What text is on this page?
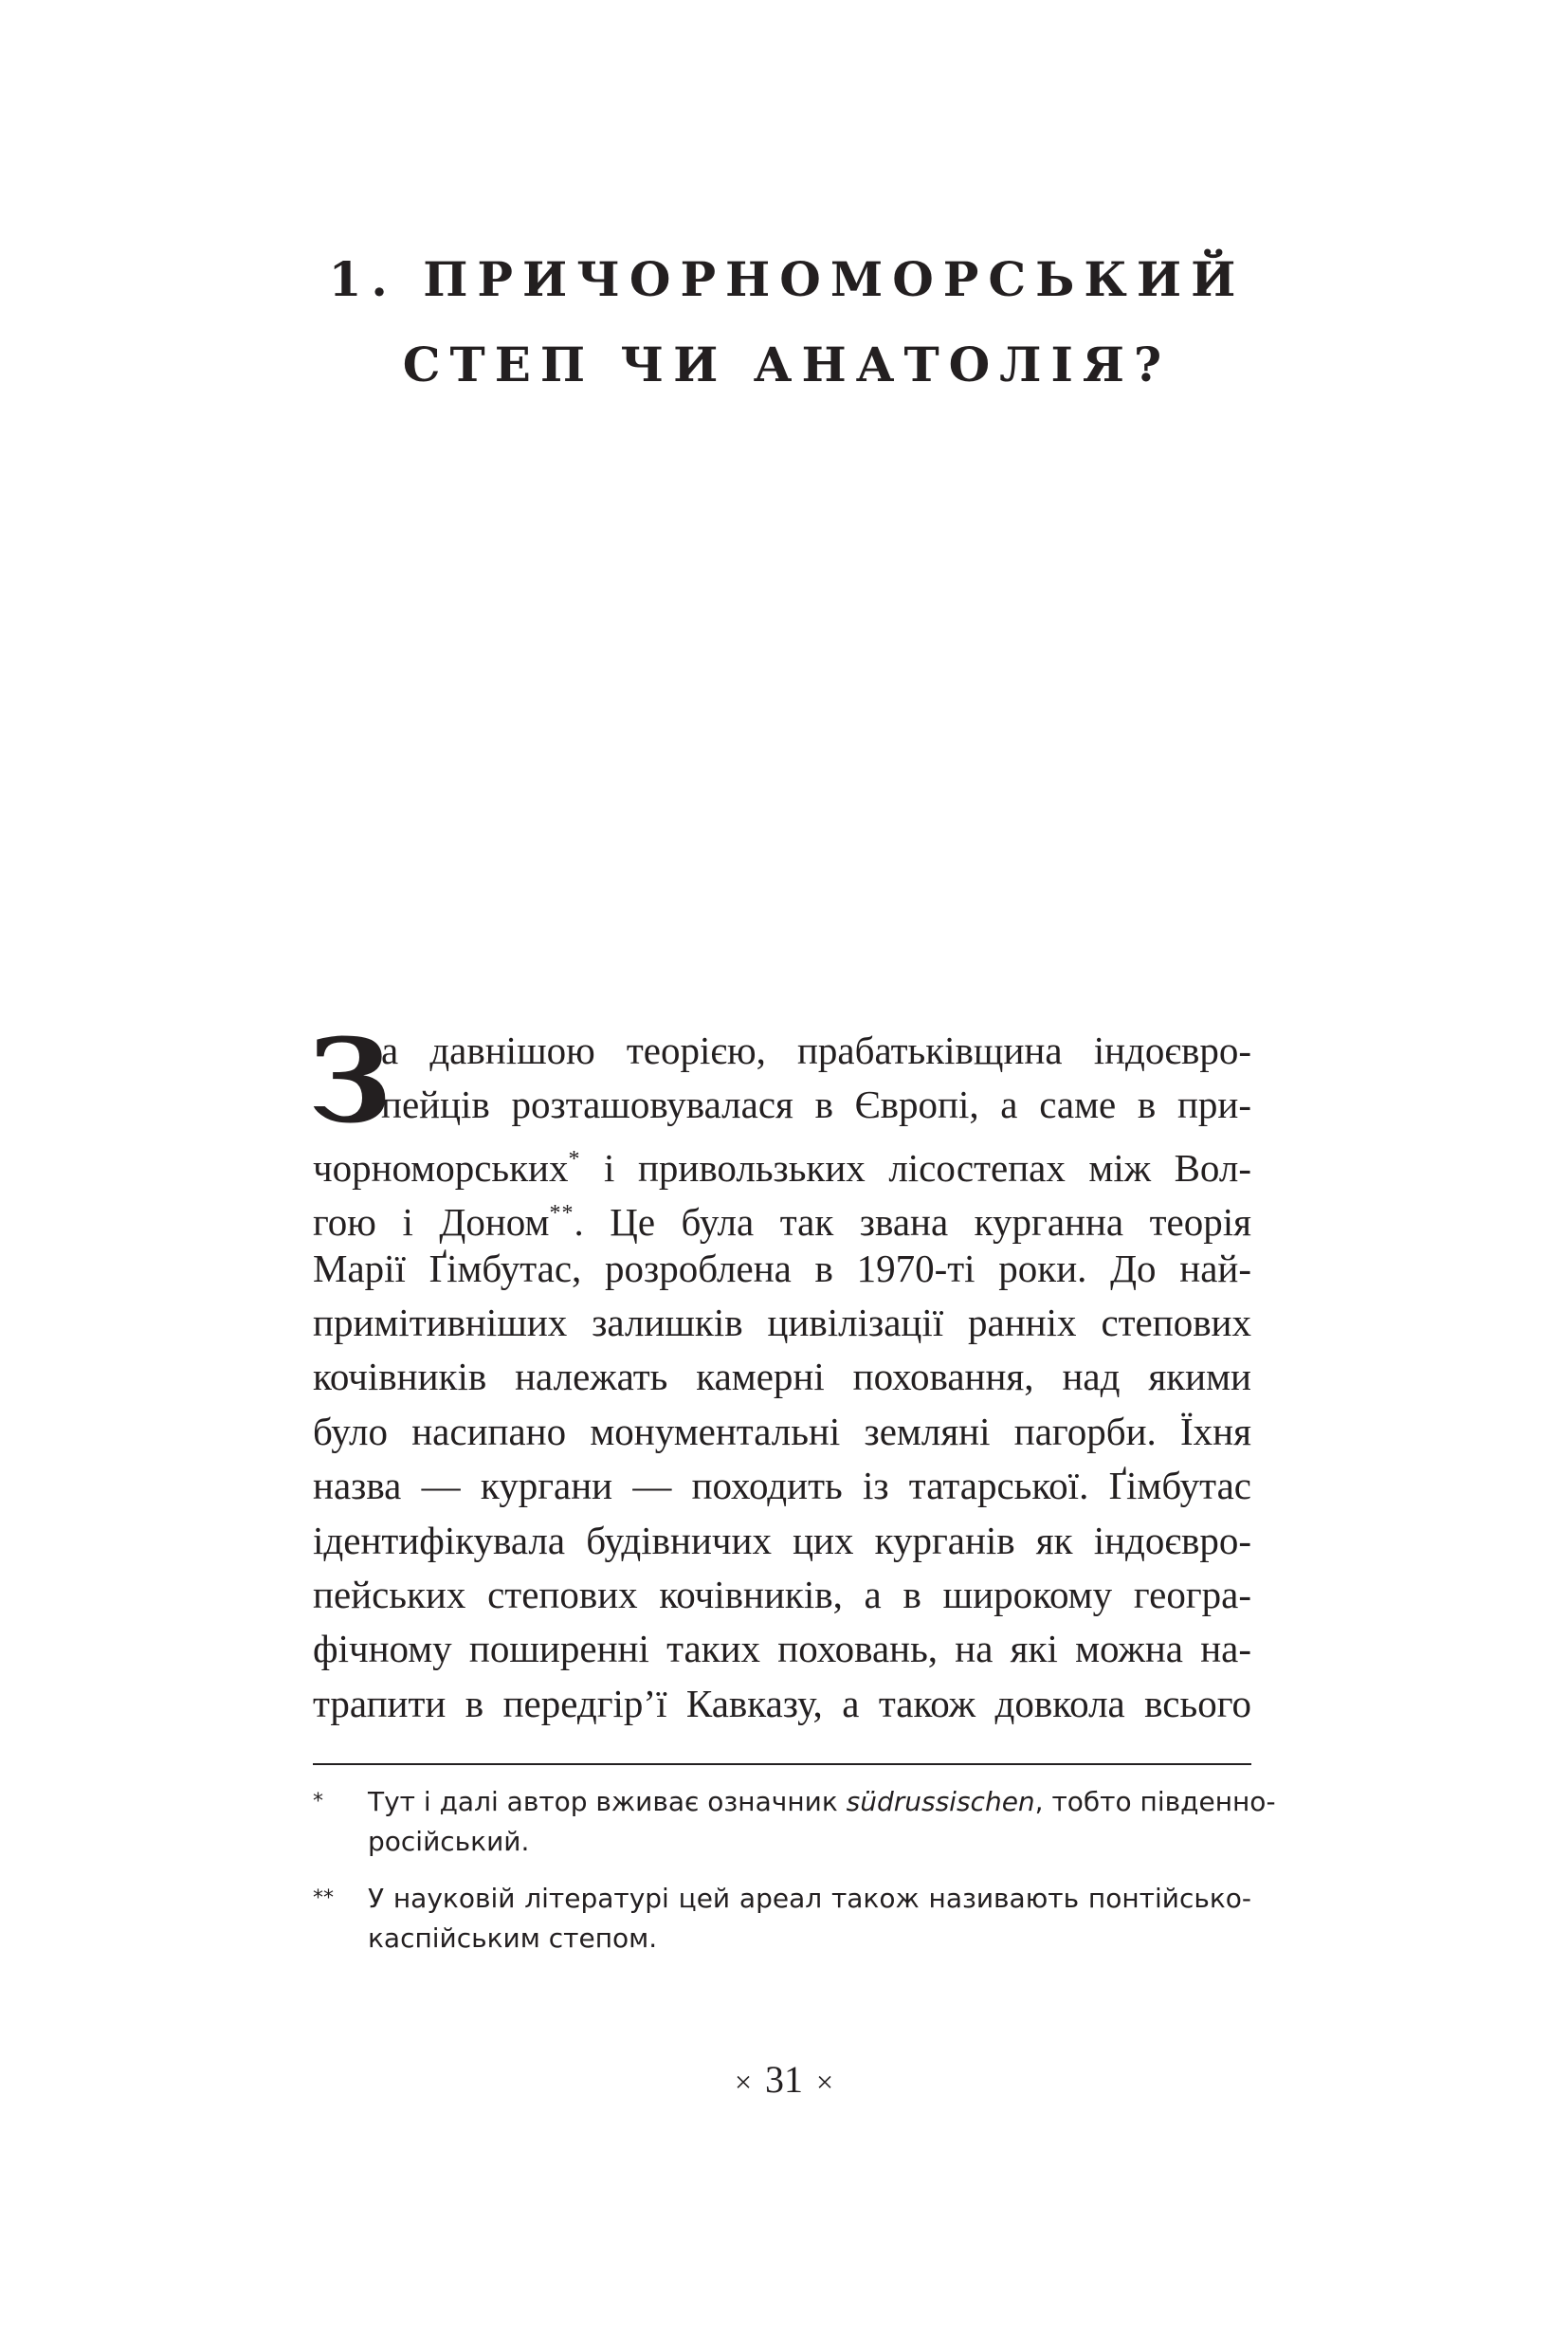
1. ПРИЧОРНОМОРСЬКИЙ
СТЕП ЧИ АНАТОЛІЯ?
З
а давнішою теорією, прабатьківщина індоєвро-
пейців розташовувалася в Європі, а саме в при-
чорноморських* і привользьких лісостепах між Вол-
гою і Доном**. Це була так звана курганна теорія
Марії Ґімбутас, розроблена в 1970-ті роки. До най-
примітивніших залишків цивілізації ранніх степових
кочівників належать камерні поховання, над якими
було насипано монументальні земляні пагорби. Їхня
назва — кургани — походить із татарської. Ґімбутас
ідентифікувала будівничих цих курганів як індоєвро-
пейських степових кочівників, а в широкому геогра-
фічному поширенні таких поховань, на які можна на-
трапити в передгір’ї Кавказу, а також довкола всього
* Тут і далі автор вживає означник südrussischen, тобто південно-
російський.
** У науковій літературі цей ареал також називають понтійсько-
каспійським степом.
× 31 ×
